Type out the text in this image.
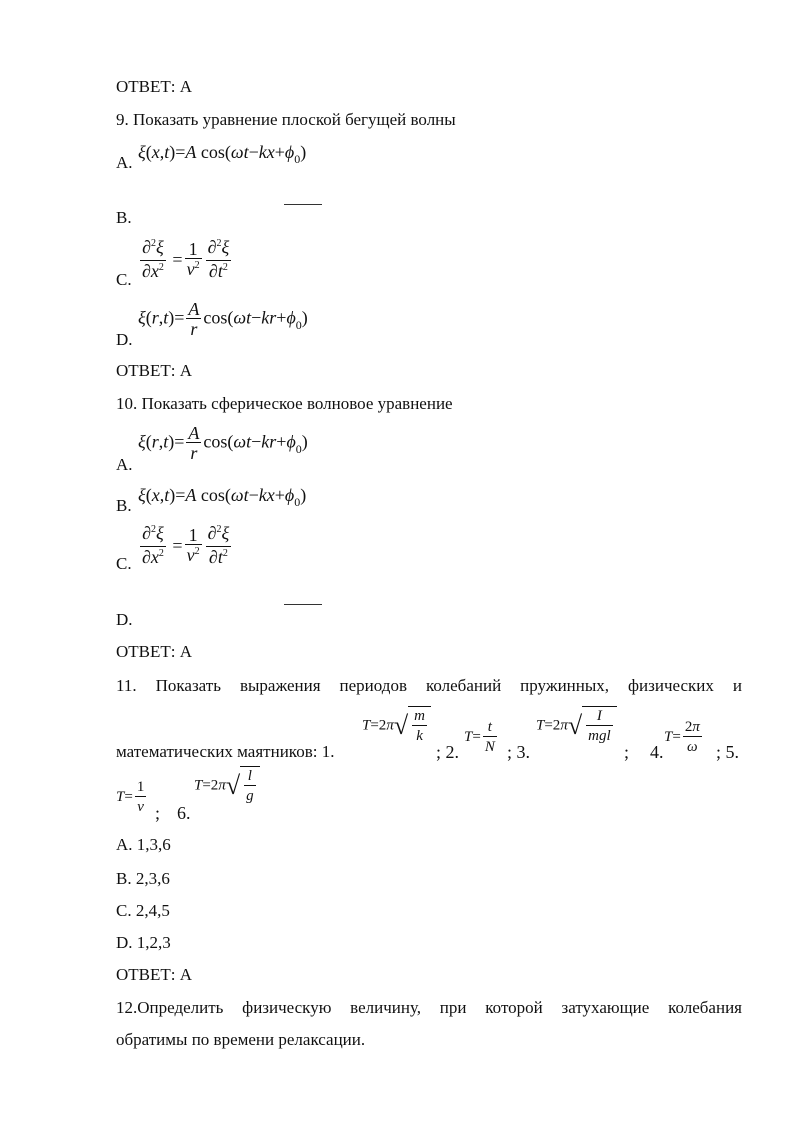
ОТВЕТ: А
9. Показать уравнение плоской бегущей волны
A.
ξ(x,t)=A $\cos(\omega t-kx+\phi_0)$
B.
C. $\frac{\partial^2\xi}{\partial x^2} = \frac{1}{v^2} \frac{\partial^2\xi}{\partial t^2}$
D.
$\xi(r,t)= \frac{A}{r} \cos(\omega t-kr+\phi_0)$
ОТВЕТ: А
10. Показать сферическое волновое уравнение
A.
$\xi(r,t)= \frac{A}{r} \cos(\omega t-kr+\phi_0)$
B.
ξ(x,t)=A $\cos(\omega t-kx+\phi_0)$
C. $\frac{\partial^2\xi}{\partial x^2} = \frac{1}{v^2} \frac{\partial^2\xi}{\partial t^2}$
D.
ОТВЕТ: А
11. Показать выражения периодов колебаний пружинных, физических и
математических маятников: 1.
$T=2\pi√ \frac{m}{k}$
; 2.
$T= \frac{t}{N}$ ; 3.
$T=2\pi√ \frac{I}{\text{mgl}}$
; 4.
$T= \frac{2\pi}{\omega}$ ; 5.
$T= \frac{1}{v}$ ; 6.
$T=2\pi√ \frac{l}{g}$
A. 1,3,6
B. 2,3,6
C. 2,4,5
D. 1,2,3
ОТВЕТ: А
12.Определить физическую величину, при которой затухающие колебания
обратимы по времени релаксации.
